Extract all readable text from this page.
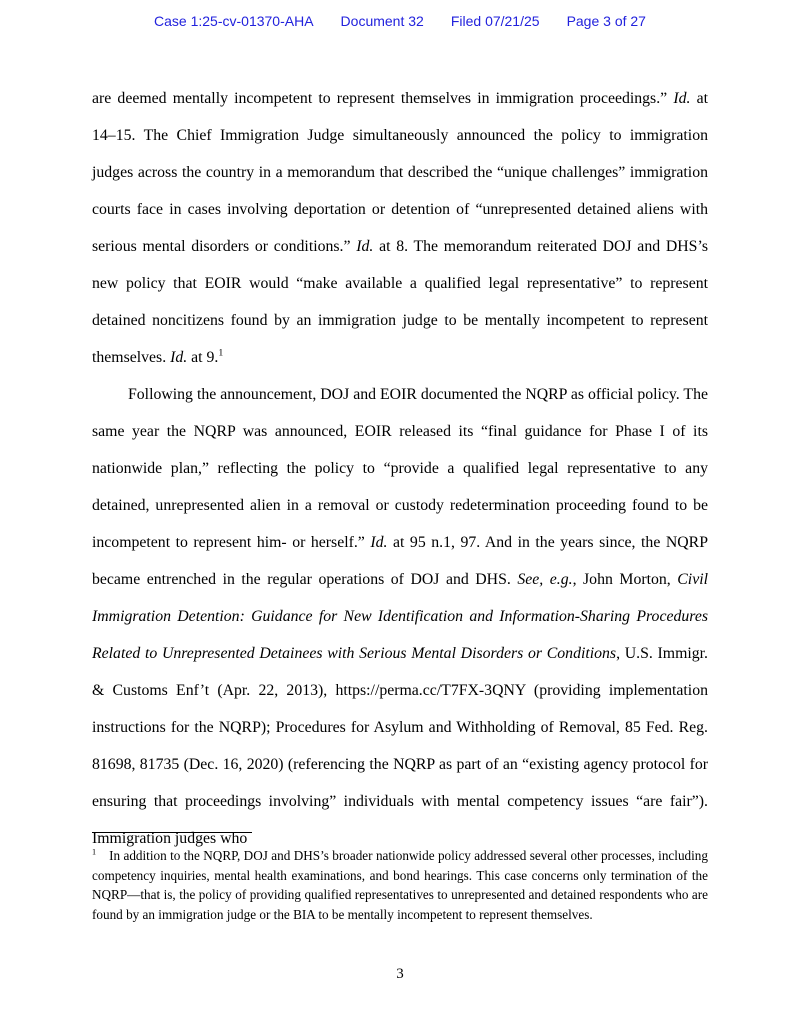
Case 1:25-cv-01370-AHA Document 32 Filed 07/21/25 Page 3 of 27

are deemed mentally incompetent to represent themselves in immigration proceedings.” Id. at 14–15. The Chief Immigration Judge simultaneously announced the policy to immigration judges across the country in a memorandum that described the “unique challenges” immigration courts face in cases involving deportation or detention of “unrepresented detained aliens with serious mental disorders or conditions.” Id. at 8. The memorandum reiterated DOJ and DHS’s new policy that EOIR would “make available a qualified legal representative” to represent detained noncitizens found by an immigration judge to be mentally incompetent to represent themselves. Id. at 9.$^1$

Following the announcement, DOJ and EOIR documented the NQRP as official policy. The same year the NQRP was announced, EOIR released its “final guidance for Phase I of its nationwide plan,” reflecting the policy to “provide a qualified legal representative to any detained, unrepresented alien in a removal or custody redetermination proceeding found to be incompetent to represent him- or herself.” Id. at 95 n.1, 97. And in the years since, the NQRP became entrenched in the regular operations of DOJ and DHS. See, e.g., John Morton, Civil Immigration Detention: Guidance for New Identification and Information-Sharing Procedures Related to Unrepresented Detainees with Serious Mental Disorders or Conditions, U.S. Immigr. & Customs Enf’t (Apr. 22, 2013), https://perma.cc/T7FX-3QNY (providing implementation instructions for the NQRP); Procedures for Asylum and Withholding of Removal, 85 Fed. Reg. 81698, 81735 (Dec. 16, 2020) (referencing the NQRP as part of an “existing agency protocol for ensuring that proceedings involving” individuals with mental competency issues “are fair”). Immigration judges who

$^1$ In addition to the NQRP, DOJ and DHS’s broader nationwide policy addressed several other processes, including competency inquiries, mental health examinations, and bond hearings. This case concerns only termination of the NQRP—that is, the policy of providing qualified representatives to unrepresented and detained respondents who are found by an immigration judge or the BIA to be mentally incompetent to represent themselves.

3
